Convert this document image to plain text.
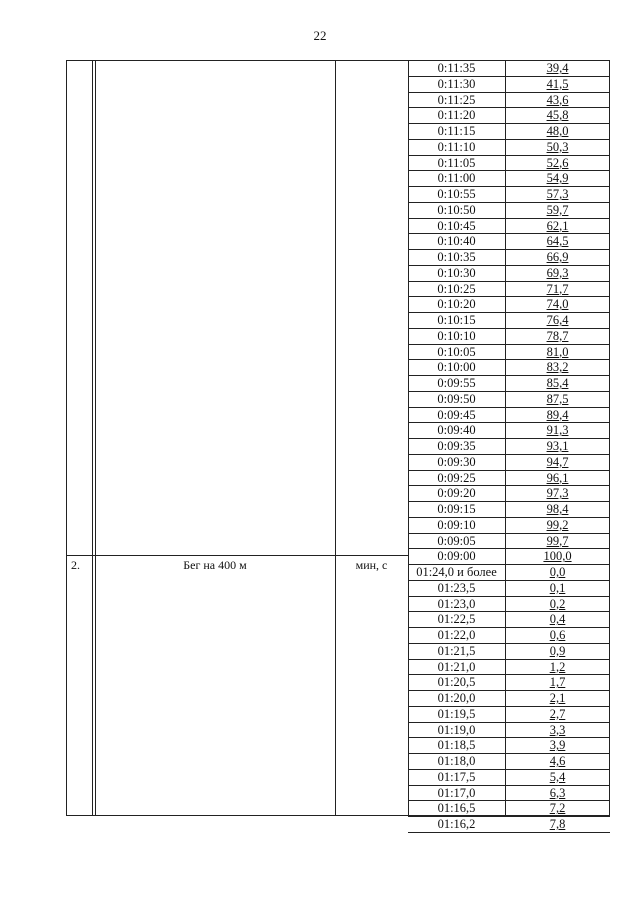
22
2.	Бег на 400 м	мин, с
0:11:35	39,4
0:11:30	41,5
0:11:25	43,6
0:11:20	45,8
0:11:15	48,0
0:11:10	50,3
0:11:05	52,6
0:11:00	54,9
0:10:55	57,3
0:10:50	59,7
0:10:45	62,1
0:10:40	64,5
0:10:35	66,9
0:10:30	69,3
0:10:25	71,7
0:10:20	74,0
0:10:15	76,4
0:10:10	78,7
0:10:05	81,0
0:10:00	83,2
0:09:55	85,4
0:09:50	87,5
0:09:45	89,4
0:09:40	91,3
0:09:35	93,1
0:09:30	94,7
0:09:25	96,1
0:09:20	97,3
0:09:15	98,4
0:09:10	99,2
0:09:05	99,7
0:09:00	100,0
01:24,0 и более	0,0
01:23,5	0,1
01:23,0	0,2
01:22,5	0,4
01:22,0	0,6
01:21,5	0,9
01:21,0	1,2
01:20,5	1,7
01:20,0	2,1
01:19,5	2,7
01:19,0	3,3
01:18,5	3,9
01:18,0	4,6
01:17,5	5,4
01:17,0	6,3
01:16,5	7,2
01:16,2	7,8
